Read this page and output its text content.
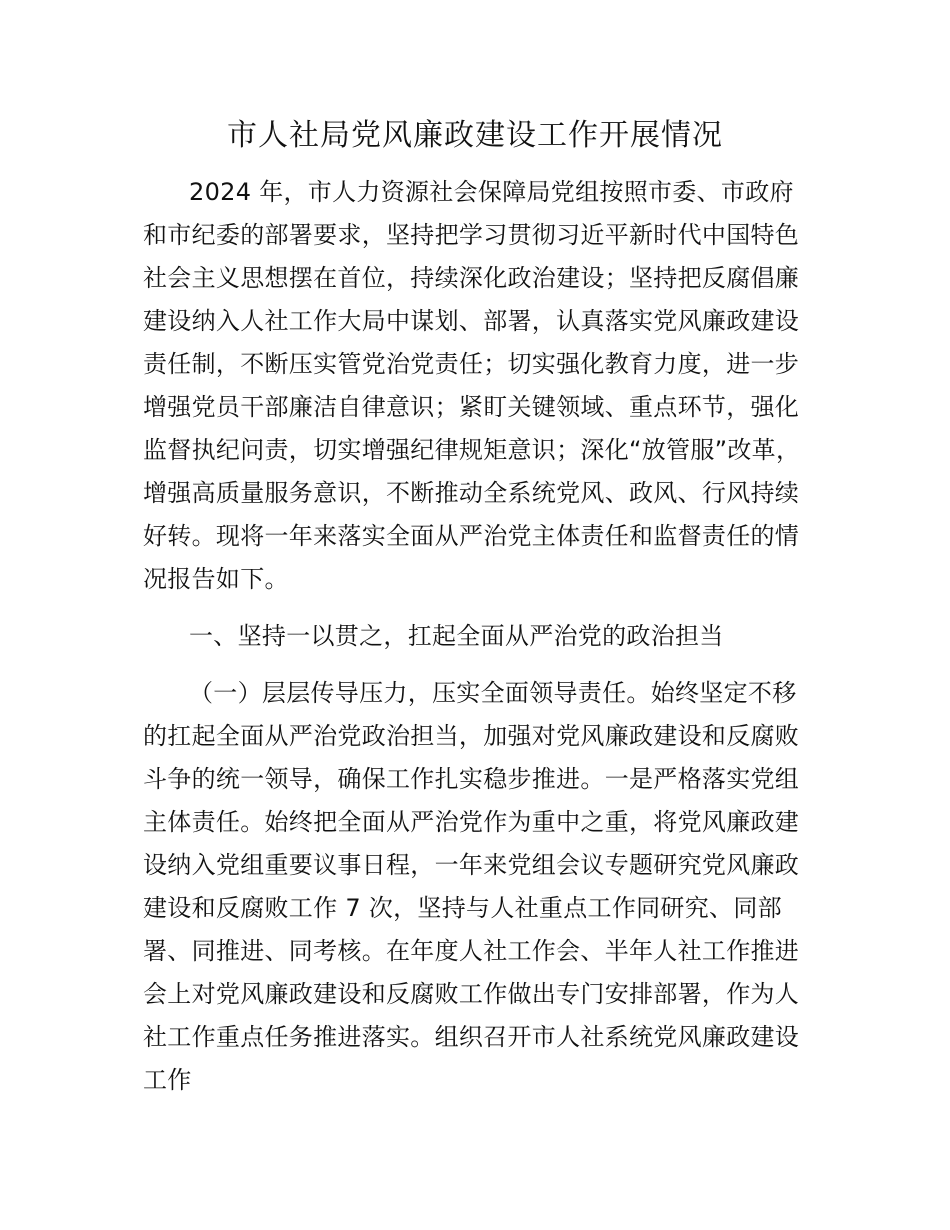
市人社局党风廉政建设工作开展情况
2024 年，市人力资源社会保障局党组按照市委、市政府
和市纪委的部署要求，坚持把学习贯彻习近平新时代中国特色
社会主义思想摆在首位，持续深化政治建设；坚持把反腐倡廉
建设纳入人社工作大局中谋划、部署，认真落实党风廉政建设
责任制，不断压实管党治党责任；切实强化教育力度，进一步
增强党员干部廉洁自律意识；紧盯关键领域、重点环节，强化
监督执纪问责，切实增强纪律规矩意识；深化“放管服”改革，
增强高质量服务意识，不断推动全系统党风、政风、行风持续
好转。现将一年来落实全面从严治党主体责任和监督责任的情
况报告如下。
一、坚持一以贯之，扛起全面从严治党的政治担当
（一）层层传导压力，压实全面领导责任。始终坚定不移
的扛起全面从严治党政治担当，加强对党风廉政建设和反腐败
斗争的统一领导，确保工作扎实稳步推进。一是严格落实党组
主体责任。始终把全面从严治党作为重中之重，将党风廉政建
设纳入党组重要议事日程，一年来党组会议专题研究党风廉政
建设和反腐败工作 7 次，坚持与人社重点工作同研究、同部
署、同推进、同考核。在年度人社工作会、半年人社工作推进
会上对党风廉政建设和反腐败工作做出专门安排部署，作为人
社工作重点任务推进落实。组织召开市人社系统党风廉政建设
工作
